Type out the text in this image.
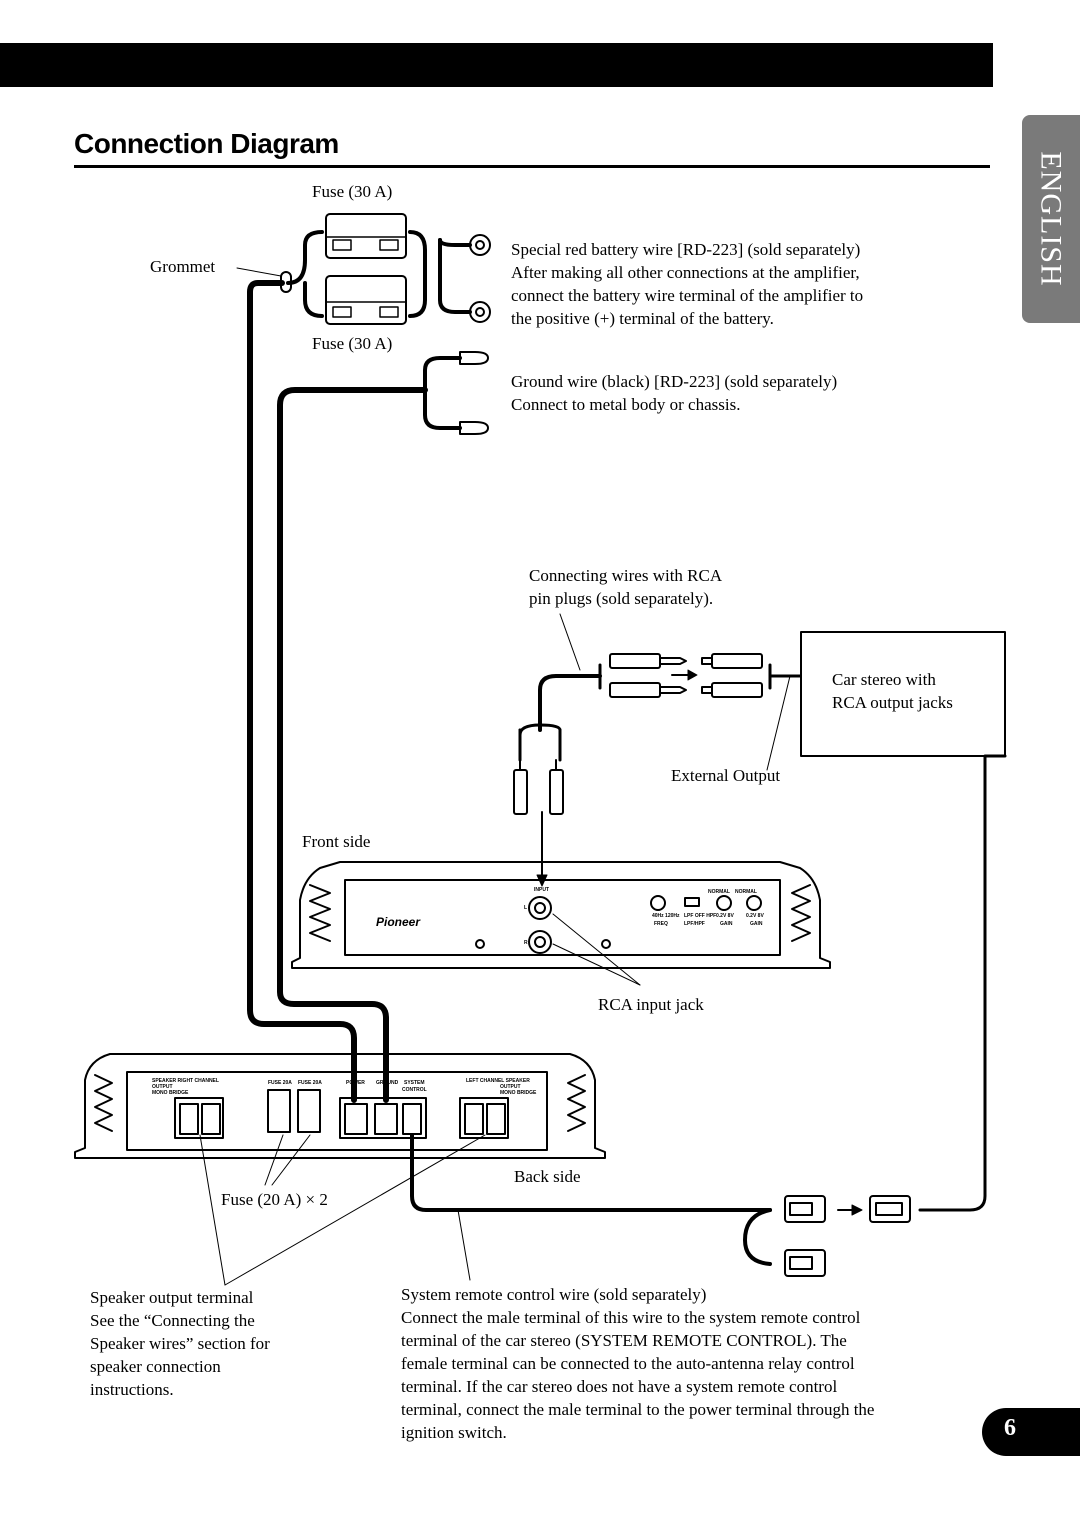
Connection Diagram
ENGLISH
INPUT
L
R
Pioneer	40Hz 120Hz
FREQ
LPF OFF HPF
LPF/HPF
0.2V 8V
GAIN
0.2V 8V
GAIN
NORMAL NORMAL
SPEAKER RIGHT CHANNEL
OUTPUT
MONO BRIDGE
FUSE 20A FUSE 20A	POWER GROUND SYSTEM
CONTROL
LEFT CHANNEL SPEAKER
OUTPUT
MONO BRIDGE
Fuse (30 A)
Fuse (30 A)
Grommet
Special red battery wire [RD-223] (sold separately)
After making all other connections at the amplifier,
connect the battery wire terminal of the amplifier to
the positive (+) terminal of the battery.
Ground wire (black) [RD-223] (sold separately)
Connect to metal body or chassis.
Connecting wires with RCA
pin plugs (sold separately).
Car stereo with
RCA output jacks
External Output
Front side
RCA input jack
Back side
Fuse (20 A) × 2
Speaker output terminal
See the “Connecting the
Speaker wires” section for
speaker connection
instructions.
System remote control wire (sold separately)
Connect the male terminal of this wire to the system remote control
terminal of the car stereo (SYSTEM REMOTE CONTROL). The
female terminal can be connected to the auto-antenna relay control
terminal. If the car stereo does not have a system remote control
terminal, connect the male terminal to the power terminal through the
ignition switch.	6
